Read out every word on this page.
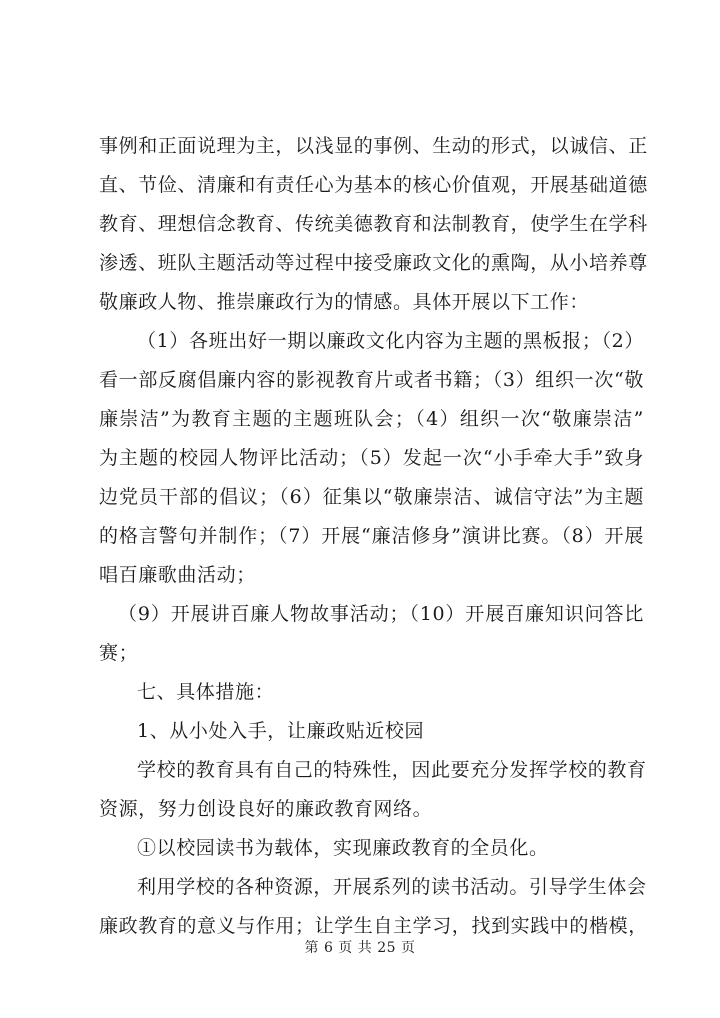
事例和正面说理为主，以浅显的事例、生动的形式，以诚信、正
直、节俭、清廉和有责任心为基本的核心价值观，开展基础道德
教育、理想信念教育、传统美德教育和法制教育，使学生在学科
渗透、班队主题活动等过程中接受廉政文化的熏陶，从小培养尊
敬廉政人物、推崇廉政行为的情感。具体开展以下工作：
（1）各班出好一期以廉政文化内容为主题的黑板报；（2）
看一部反腐倡廉内容的影视教育片或者书籍；（3）组织一次“敬
廉崇洁”为教育主题的主题班队会；（4）组织一次“敬廉崇洁”
为主题的校园人物评比活动；（5）发起一次“小手牵大手”致身
边党员干部的倡议；（6）征集以“敬廉崇洁、诚信守法”为主题
的格言警句并制作；（7）开展“廉洁修身”演讲比赛。（8）开展
唱百廉歌曲活动；
（9）开展讲百廉人物故事活动；（10）开展百廉知识问答比
赛；
七、具体措施：
1、从小处入手，让廉政贴近校园
学校的教育具有自己的特殊性，因此要充分发挥学校的教育
资源，努力创设良好的廉政教育网络。
①以校园读书为载体，实现廉政教育的全员化。
利用学校的各种资源，开展系列的读书活动。引导学生体会
廉政教育的意义与作用；让学生自主学习，找到实践中的楷模，
第 6 页 共 25 页
